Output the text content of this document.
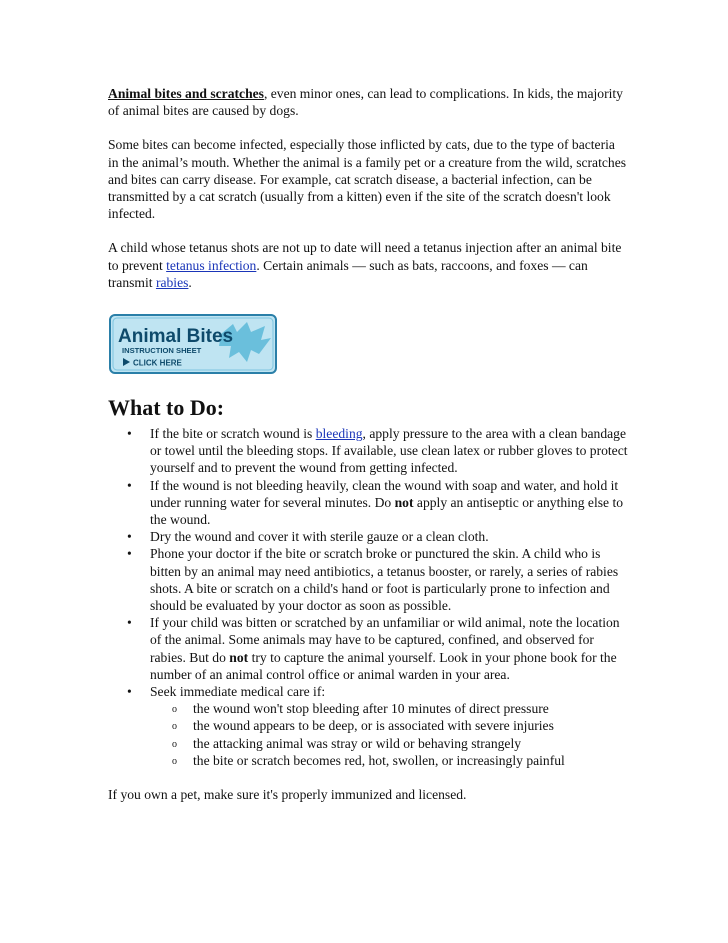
Animal bites and scratches, even minor ones, can lead to complications. In kids, the majority of animal bites are caused by dogs.

Some bites can become infected, especially those inflicted by cats, due to the type of bacteria in the animal’s mouth. Whether the animal is a family pet or a creature from the wild, scratches and bites can carry disease. For example, cat scratch disease, a bacterial infection, can be transmitted by a cat scratch (usually from a kitten) even if the site of the scratch doesn't look infected.

A child whose tetanus shots are not up to date will need a tetanus injection after an animal bite to prevent tetanus infection. Certain animals — such as bats, raccoons, and foxes — can transmit rabies.

Animal Bites
INSTRUCTION SHEET
CLICK HERE
What to Do:
• If the bite or scratch wound is bleeding, apply pressure to the area with a clean bandage or towel until the bleeding stops. If available, use clean latex or rubber gloves to protect yourself and to prevent the wound from getting infected.
• If the wound is not bleeding heavily, clean the wound with soap and water, and hold it under running water for several minutes. Do not apply an antiseptic or anything else to the wound.
• Dry the wound and cover it with sterile gauze or a clean cloth.
• Phone your doctor if the bite or scratch broke or punctured the skin. A child who is bitten by an animal may need antibiotics, a tetanus booster, or rarely, a series of rabies shots. A bite or scratch on a child's hand or foot is particularly prone to infection and should be evaluated by your doctor as soon as possible.
• If your child was bitten or scratched by an unfamiliar or wild animal, note the location of the animal. Some animals may have to be captured, confined, and observed for rabies. But do not try to capture the animal yourself. Look in your phone book for the number of an animal control office or animal warden in your area.
• Seek immediate medical care if:
o the wound won't stop bleeding after 10 minutes of direct pressure
o the wound appears to be deep, or is associated with severe injuries
o the attacking animal was stray or wild or behaving strangely
o the bite or scratch becomes red, hot, swollen, or increasingly painful

If you own a pet, make sure it's properly immunized and licensed.
